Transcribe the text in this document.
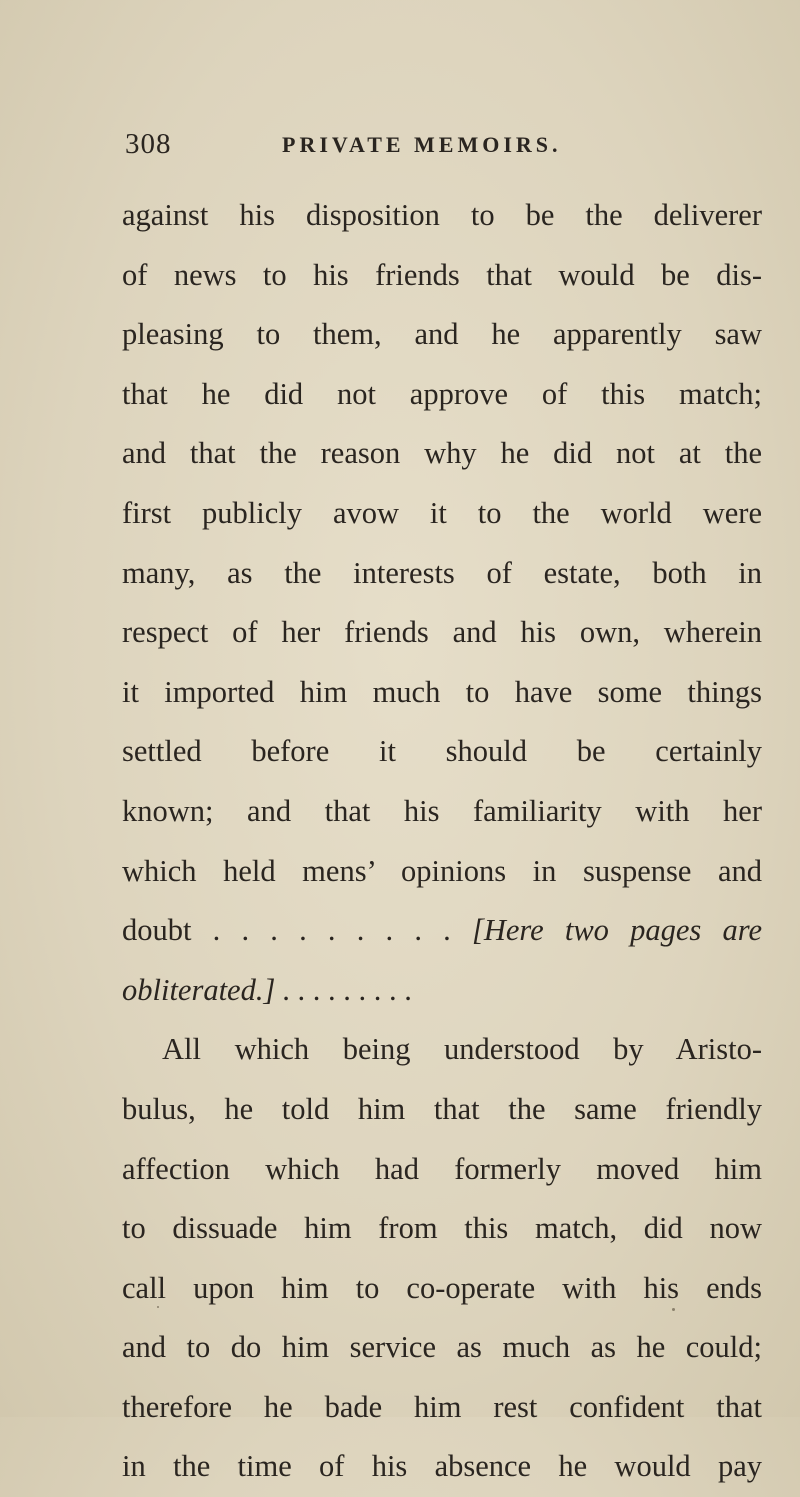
308	PRIVATE MEMOIRS.
against his disposition to be the deliverer
of news to his friends that would be dis-
pleasing to them, and he apparently saw
that he did not approve of this match;
and that the reason why he did not at the
first publicly avow it to the world were
many, as the interests of estate, both in
respect of her friends and his own, wherein
it imported him much to have some things
settled before it should be certainly
known; and that his familiarity with her
which held mens’ opinions in suspense and
doubt . . . . . . . . . [Here two pages are
obliterated.] . . . . . . . . .
All which being understood by Aristo-
bulus, he told him that the same friendly
affection which had formerly moved him
to dissuade him from this match, did now
call upon him to co-operate with his ends
and to do him service as much as he could;
therefore he bade him rest confident that
in the time of his absence he would pay
